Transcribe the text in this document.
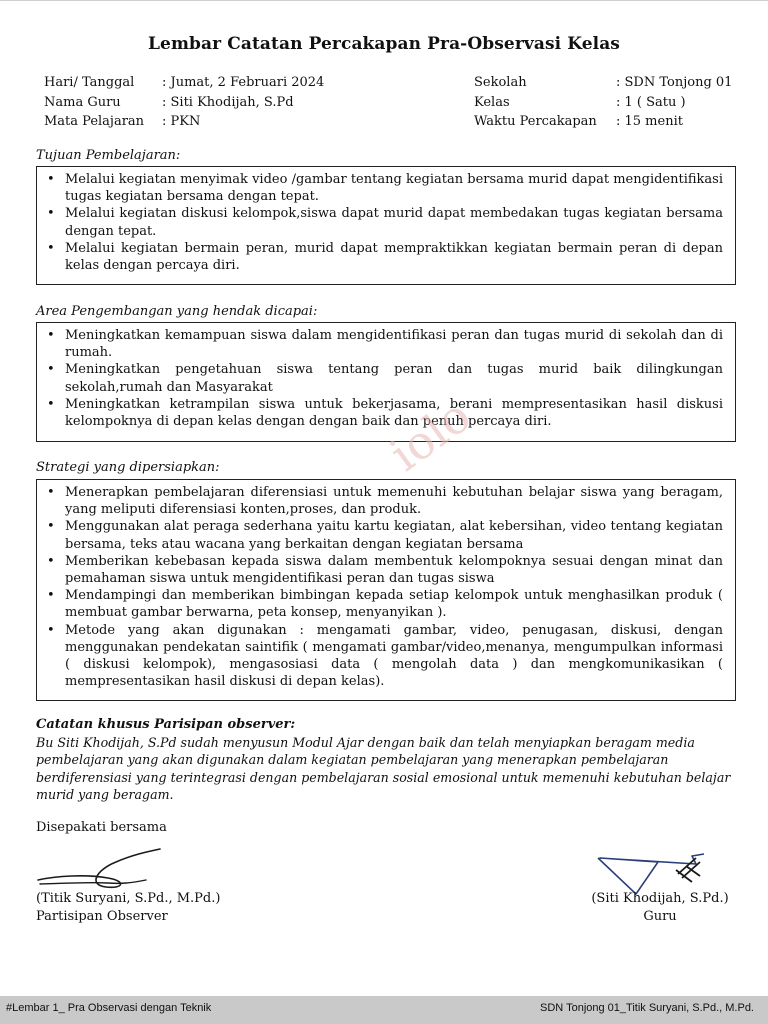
Lembar Catatan Percakapan Pra-Observasi Kelas
Hari/ Tanggal	: Jumat, 2 Februari 2024
Nama Guru	: Siti Khodijah, S.Pd
Mata Pelajaran	: PKN
Sekolah	: SDN Tonjong 01
Kelas	: 1 ( Satu )
Waktu Percakapan	: 15 menit
Tujuan Pembelajaran:
• Melalui kegiatan menyimak video /gambar tentang kegiatan bersama murid dapat mengidentifikasi tugas kegiatan bersama dengan tepat.
• Melalui kegiatan diskusi kelompok,siswa dapat murid dapat membedakan tugas kegiatan bersama dengan tepat.
• Melalui kegiatan bermain peran, murid dapat mempraktikkan kegiatan bermain peran di depan kelas dengan percaya diri.
Area Pengembangan yang hendak dicapai:
• Meningkatkan kemampuan siswa dalam mengidentifikasi peran dan tugas murid di sekolah dan di rumah.
• Meningkatkan pengetahuan siswa tentang peran dan tugas murid baik dilingkungan sekolah,rumah dan Masyarakat
• Meningkatkan ketrampilan siswa untuk bekerjasama, berani mempresentasikan hasil diskusi kelompoknya di depan kelas dengan dengan baik dan penuh percaya diri.
Strategi yang dipersiapkan:
• Menerapkan pembelajaran diferensiasi untuk memenuhi kebutuhan belajar siswa yang beragam, yang meliputi diferensiasi konten,proses, dan produk.
• Menggunakan alat peraga sederhana yaitu kartu kegiatan, alat kebersihan, video tentang kegiatan bersama, teks atau wacana yang berkaitan dengan kegiatan bersama
• Memberikan kebebasan kepada siswa dalam membentuk kelompoknya sesuai dengan minat dan pemahaman siswa untuk mengidentifikasi peran dan tugas siswa
• Mendampingi dan memberikan bimbingan kepada setiap kelompok untuk menghasilkan produk ( membuat gambar berwarna, peta konsep, menyanyikan ).
• Metode yang akan digunakan : mengamati gambar, video, penugasan, diskusi, dengan menggunakan pendekatan saintifik ( mengamati gambar/video,menanya, mengumpulkan informasi ( diskusi kelompok), mengasosiasi data ( mengolah data ) dan mengkomunikasikan ( mempresentasikan hasil diskusi di depan kelas).
iolo
Catatan khusus Parisipan observer:
Bu Siti Khodijah, S.Pd sudah menyusun Modul Ajar dengan baik dan telah menyiapkan beragam media pembelajaran yang akan digunakan dalam kegiatan pembelajaran yang menerapkan pembelajaran berdiferensiasi yang terintegrasi dengan pembelajaran sosial emosional untuk memenuhi kebutuhan belajar murid yang beragam.
Disepakati bersama
(Titik Suryani, S.Pd., M.Pd.)
Partisipan Observer
(Siti Khodijah, S.Pd.)
Guru
#Lembar 1_ Pra Observasi dengan Teknik	SDN Tonjong 01_Titik Suryani, S.Pd., M.Pd.
